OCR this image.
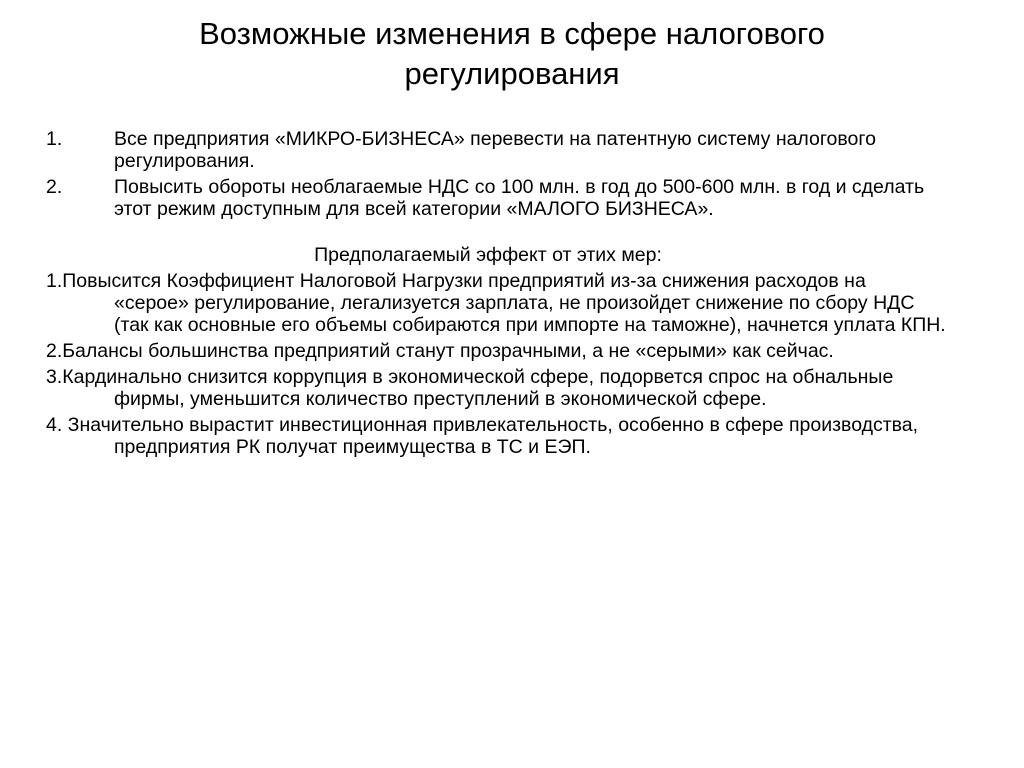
Возможные изменения в сфере налогового регулирования
1.	Все предприятия «МИКРО-БИЗНЕСА» перевести на патентную систему налогового регулирования.
2.	Повысить обороты необлагаемые НДС со 100 млн. в год до 500-600 млн. в год и сделать этот режим доступным для всей категории «МАЛОГО БИЗНЕСА».
Предполагаемый эффект от этих мер:
1.Повысится Коэффициент Налоговой Нагрузки предприятий из-за снижения расходов на «серое» регулирование, легализуется зарплата, не произойдет снижение по сбору НДС (так как основные его объемы собираются при импорте на таможне), начнется уплата КПН.
2.Балансы большинства предприятий станут прозрачными, а не «серыми» как сейчас.
3.Кардинально снизится коррупция в экономической сфере, подорвется спрос на обнальные фирмы, уменьшится количество преступлений в экономической сфере.
4. Значительно вырастит инвестиционная привлекательность, особенно в сфере производства, предприятия РК получат преимущества в ТС и ЕЭП.
